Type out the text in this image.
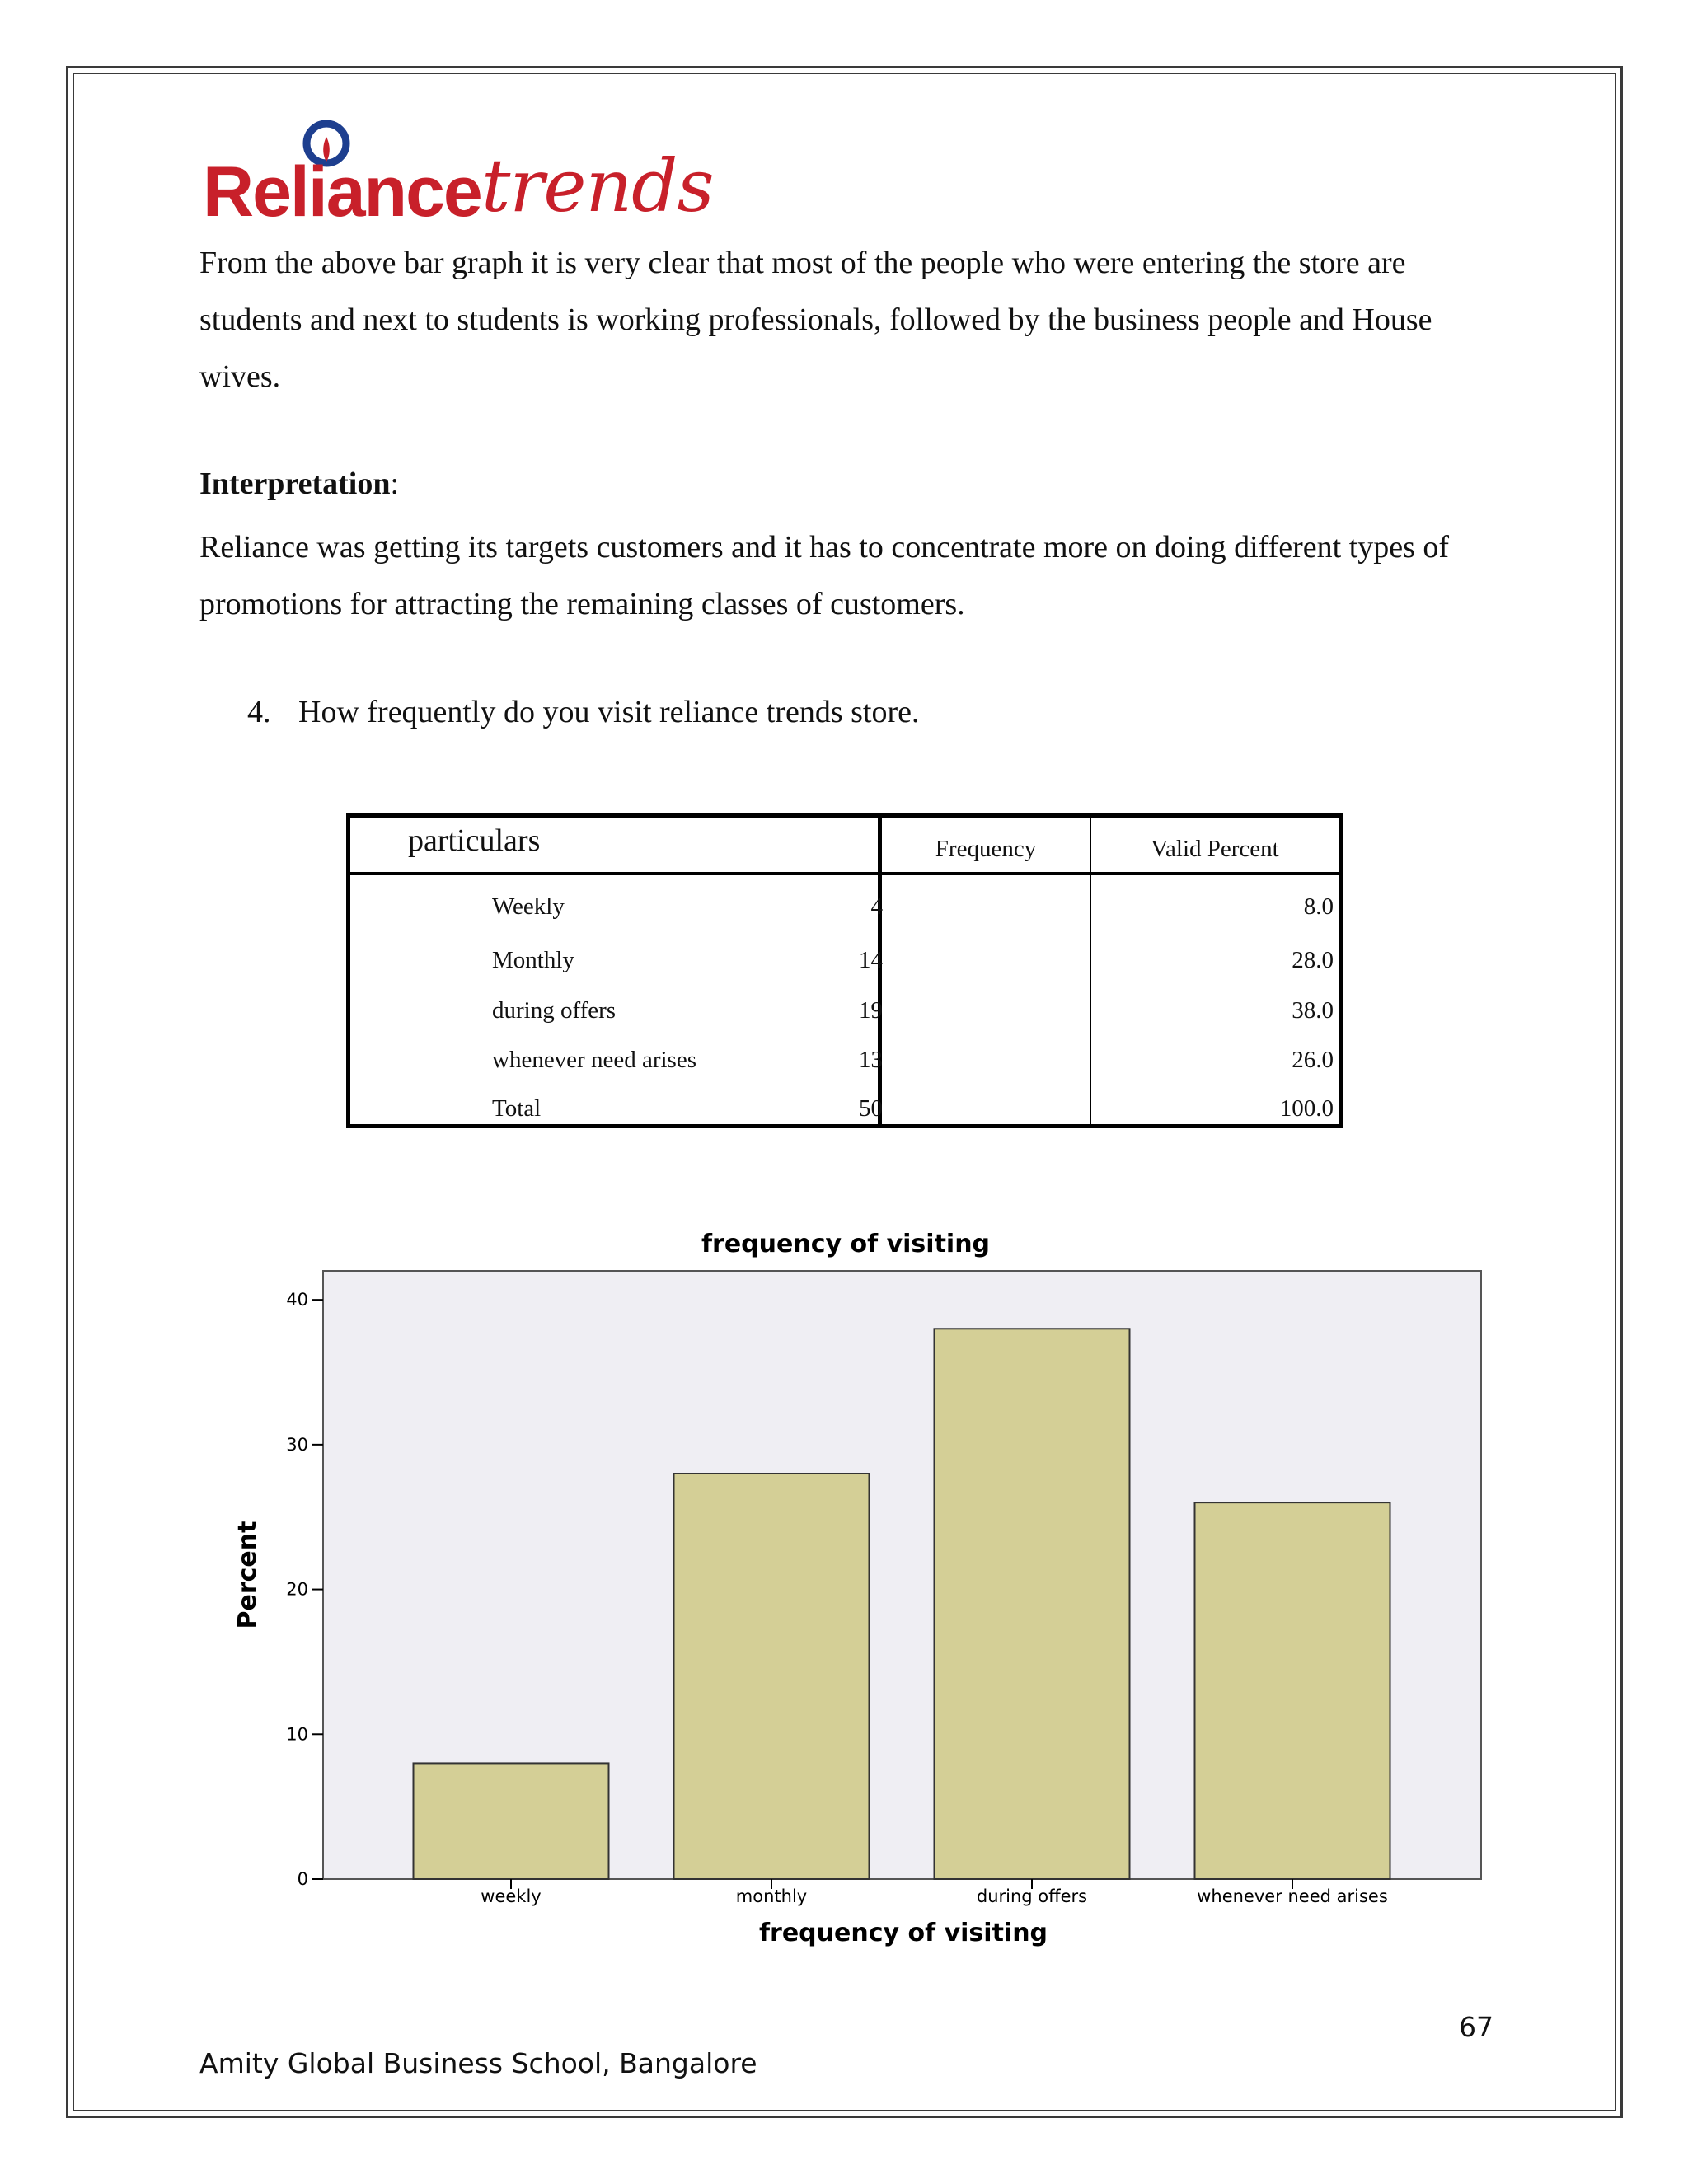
Reliance trends
From the above bar graph it is very clear that most of the people who were entering the store are students and next to students is working professionals, followed by the business people and House wives.
Interpretation:
Reliance was getting its targets customers and it has to concentrate more on doing different types of promotions for attracting the remaining classes of customers.
4. How frequently do you visit reliance trends store.
particulars	Frequency	Valid Percent
Weekly	4	8.0
Monthly	14	28.0
during offers	19	38.0
whenever need arises	13	26.0
Total	50	100.0
frequency of visiting
0
10
20
30
40
weekly	monthly	during offers	whenever need arises
frequency of visiting
Percent
67
Amity Global Business School, Bangalore
